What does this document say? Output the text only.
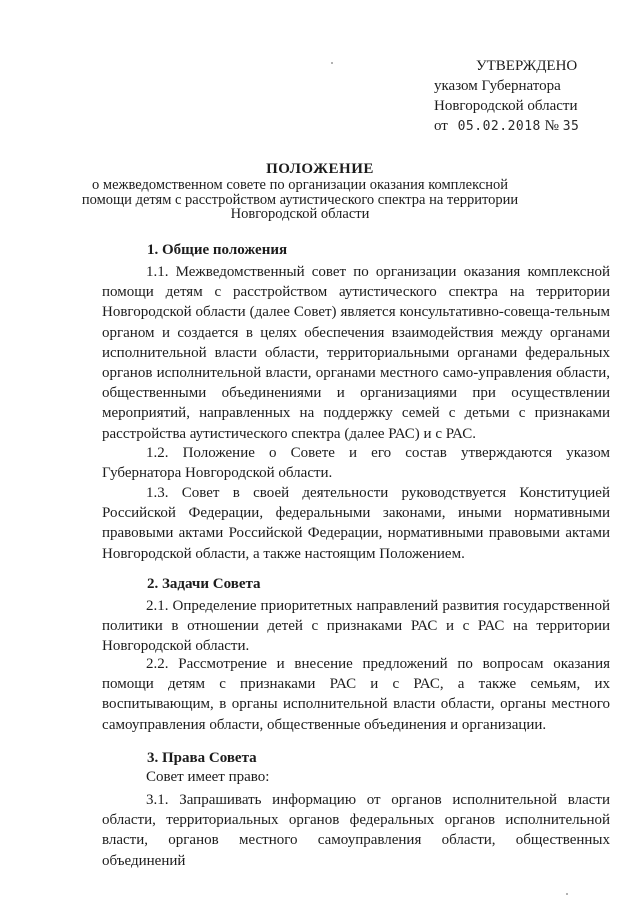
УТВЕРЖДЕНО
указом Губернатора
Новгородской области
от 05.02.2018 № 35
ПОЛОЖЕНИЕ
о межведомственном совете по организации оказания комплексной
помощи детям с расстройством аутистического спектра на территории
Новгородской области
1. Общие положения
1.1. Межведомственный совет по организации оказания комплексной помощи детям с расстройством аутистического спектра на территории Новгородской области (далее Совет) является консультативно-совеща-тельным органом и создается в целях обеспечения взаимодействия между органами исполнительной власти области, территориальными органами федеральных органов исполнительной власти, органами местного само-управления области, общественными объединениями и организациями при осуществлении мероприятий, направленных на поддержку семей с детьми с признаками расстройства аутистического спектра (далее РАС) и с РАС.
1.2. Положение о Совете и его состав утверждаются указом Губернатора Новгородской области.
1.3. Совет в своей деятельности руководствуется Конституцией Российской Федерации, федеральными законами, иными нормативными правовыми актами Российской Федерации, нормативными правовыми актами Новгородской области, а также настоящим Положением.
2. Задачи Совета
2.1. Определение приоритетных направлений развития государственной политики в отношении детей с признаками РАС и с РАС на территории Новгородской области.
2.2. Рассмотрение и внесение предложений по вопросам оказания помощи детям с признаками РАС и с РАС, а также семьям, их воспитывающим, в органы исполнительной власти области, органы местного самоуправления области, общественные объединения и организации.
3. Права Совета
Совет имеет право:
3.1. Запрашивать информацию от органов исполнительной власти области, территориальных органов федеральных органов исполнительной власти, органов местного самоуправления области, общественных объединений
